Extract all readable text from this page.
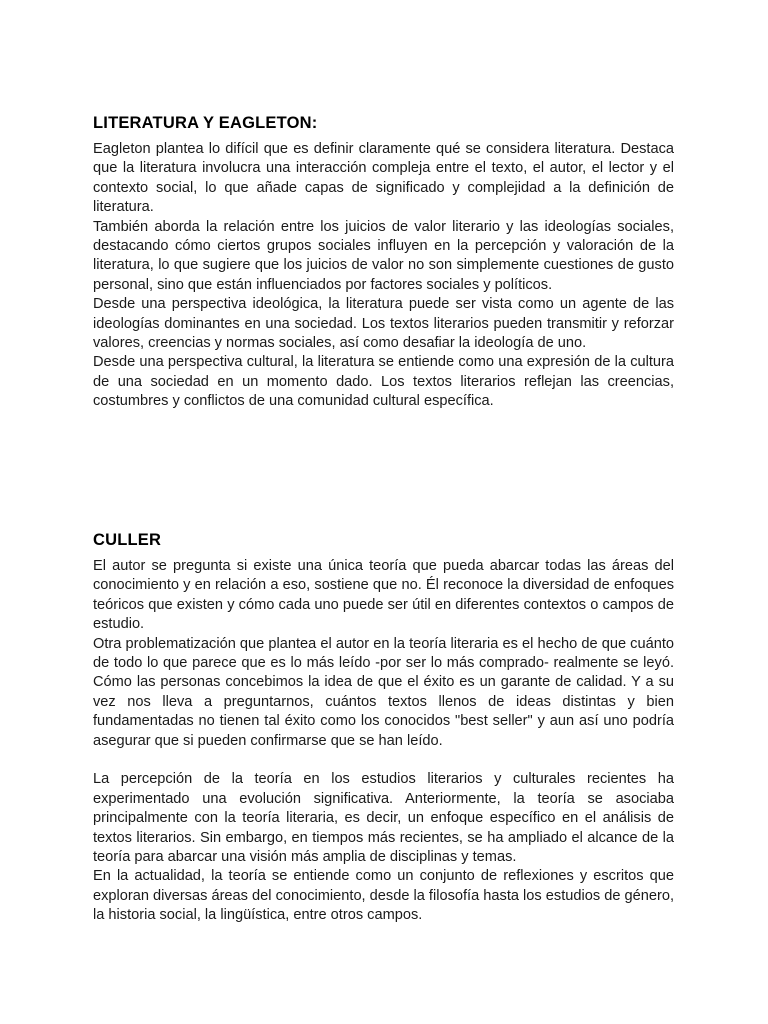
LITERATURA Y EAGLETON:

Eagleton plantea lo difícil que es definir claramente qué se considera literatura. Destaca que la literatura involucra una interacción compleja entre el texto, el autor, el lector y el contexto social, lo que añade capas de significado y complejidad a la definición de literatura.

También aborda la relación entre los juicios de valor literario y las ideologías sociales, destacando cómo ciertos grupos sociales influyen en la percepción y valoración de la literatura, lo que sugiere que los juicios de valor no son simplemente cuestiones de gusto personal, sino que están influenciados por factores sociales y políticos.

Desde una perspectiva ideológica, la literatura puede ser vista como un agente de las ideologías dominantes en una sociedad. Los textos literarios pueden transmitir y reforzar valores, creencias y normas sociales, así como desafiar la ideología de uno.

Desde una perspectiva cultural, la literatura se entiende como una expresión de la cultura de una sociedad en un momento dado. Los textos literarios reflejan las creencias, costumbres y conflictos de una comunidad cultural específica.

CULLER

El autor se pregunta si existe una única teoría que pueda abarcar todas las áreas del conocimiento y en relación a eso, sostiene que no. Él reconoce la diversidad de enfoques teóricos que existen y cómo cada uno puede ser útil en diferentes contextos o campos de estudio.

Otra problematización que plantea el autor en la teoría literaria es el hecho de que cuánto de todo lo que parece que es lo más leído -por ser lo más comprado- realmente se leyó. Cómo las personas concebimos la idea de que el éxito es un garante de calidad. Y a su vez nos lleva a preguntarnos, cuántos textos llenos de ideas distintas y bien fundamentadas no tienen tal éxito como los conocidos "best seller" y aun así uno podría asegurar que si pueden confirmarse que se han leído.

La percepción de la teoría en los estudios literarios y culturales recientes ha experimentado una evolución significativa. Anteriormente, la teoría se asociaba principalmente con la teoría literaria, es decir, un enfoque específico en el análisis de textos literarios. Sin embargo, en tiempos más recientes, se ha ampliado el alcance de la teoría para abarcar una visión más amplia de disciplinas y temas.

En la actualidad, la teoría se entiende como un conjunto de reflexiones y escritos que exploran diversas áreas del conocimiento, desde la filosofía hasta los estudios de género, la historia social, la lingüística, entre otros campos.
